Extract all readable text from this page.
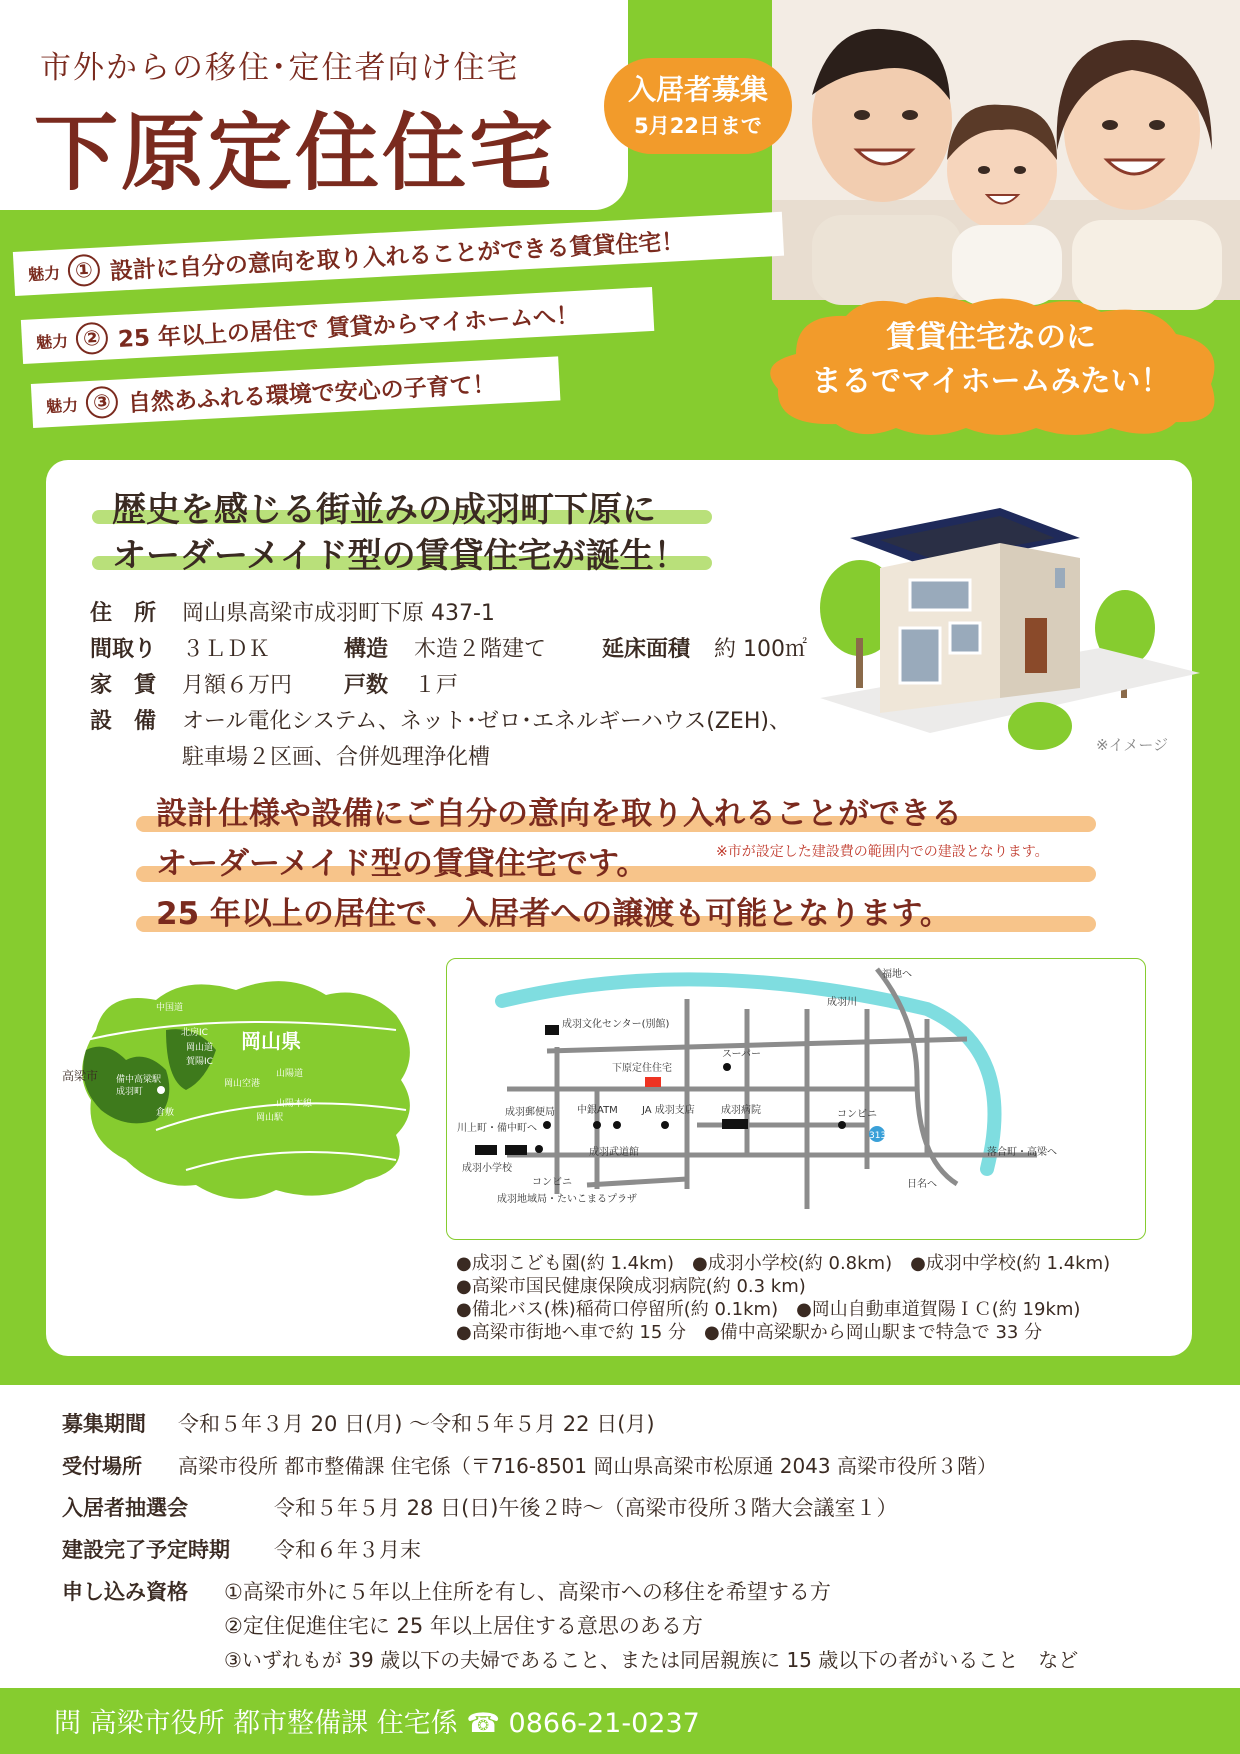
市外からの移住･定住者向け住宅
下原定住住宅
入居者募集
5月22日まで
魅力 ① 設計に自分の意向を取り入れることができる賃貸住宅！
魅力 ② 25 年以上の居住で 賃貸からマイホームへ！
魅力 ③ 自然あふれる環境で安心の子育て！
賃貸住宅なのに
まるでマイホームみたい！
歴史を感じる街並みの成羽町下原に
オーダーメイド型の賃貸住宅が誕生！
※イメージ
住　所 岡山県高梁市成羽町下原 437-1
間取り ３ＬＤＫ	構造 木造２階建て	延床面積 約 100㎡
家　賃 月額６万円 戸数 １戸
設　備 オール電化システム、ネット･ゼロ･エネルギーハウス(ZEH)、
駐車場２区画、合併処理浄化槽
設計仕様や設備にご自分の意向を取り入れることができる
オーダーメイド型の賃貸住宅です。	※市が設定した建設費の範囲内での建設となります。
25 年以上の居住で、入居者への譲渡も可能となります。
高梁市
岡山県
中国道
北房IC
賀陽IC
岡山道
備中高梁駅
成羽町
岡山空港
山陽道
山陽本線
岡山駅
倉敷
成羽川
福地へ
成羽文化センター(別館)
スーパー
下原定住住宅
成羽郵便局 中銀ATM JA 成羽支店	成羽病院	コンビニ
313
川上町・備中町へ
成羽小学校
成羽武道館
コンビニ
成羽地域局・たいこまるプラザ
落合町・高梁へ
日名へ
●成羽こども園(約 1.4km)　●成羽小学校(約 0.8km)　●成羽中学校(約 1.4km)
●高梁市国民健康保険成羽病院(約 0.3 km)
●備北バス(株)稲荷口停留所(約 0.1km)　●岡山自動車道賀陽ＩＣ(約 19km)
●高梁市街地へ車で約 15 分　●備中高梁駅から岡山駅まで特急で 33 分
募集期間 令和５年３月 20 日(月) ～令和５年５月 22 日(月)
受付場所 高梁市役所 都市整備課 住宅係（〒716-8501 岡山県高梁市松原通 2043 高梁市役所３階）
入居者抽選会	令和５年５月 28 日(日)午後２時～（高梁市役所３階大会議室１）
建設完了予定時期 令和６年３月末
申し込み資格 ①高梁市外に５年以上住所を有し、高梁市への移住を希望する方
②定住促進住宅に 25 年以上居住する意思のある方
③いずれもが 39 歳以下の夫婦であること、または同居親族に 15 歳以下の者がいること　など
問 高梁市役所 都市整備課 住宅係 ☎ 0866-21-0237
